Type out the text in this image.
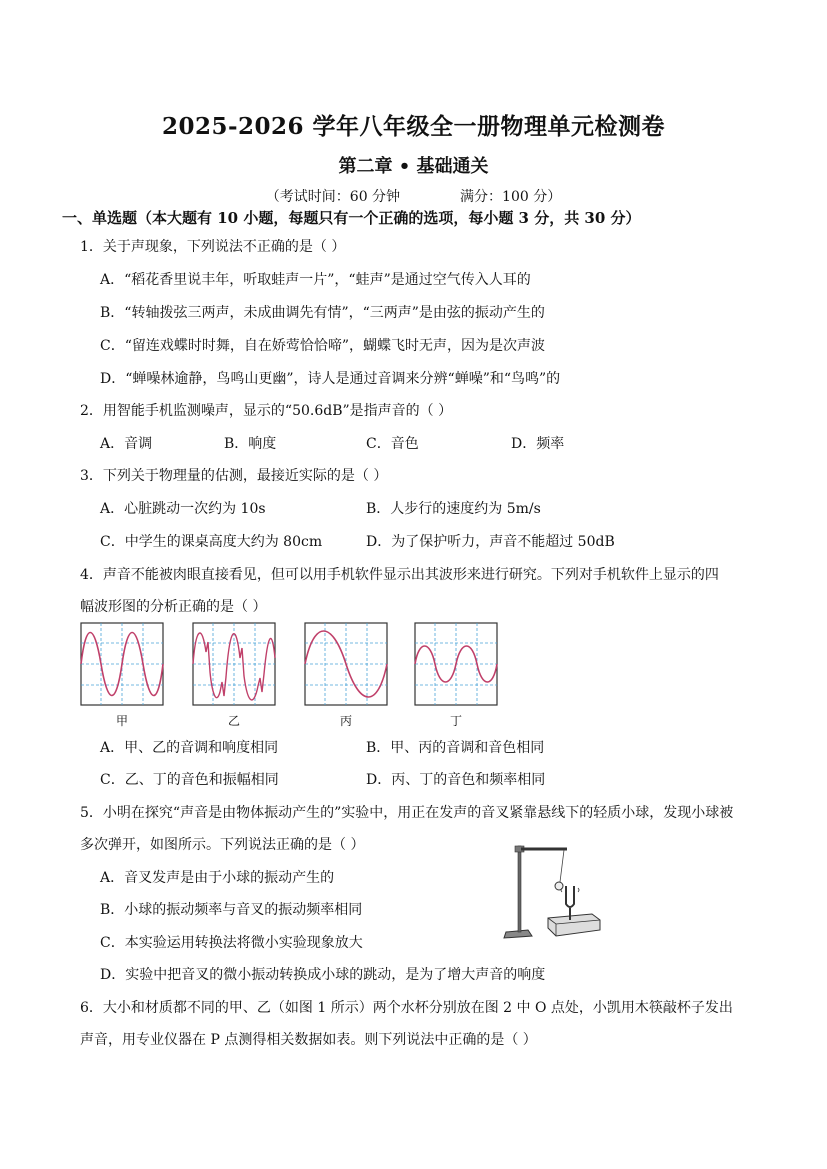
2025-2026 学年八年级全一册物理单元检测卷
第二章 • 基础通关
（考试时间：60 分钟	满分：100 分）
一、单选题（本大题有 10 小题，每题只有一个正确的选项，每小题 3 分，共 30 分）
1．关于声现象，下列说法不正确的是（ ）
A．“稻花香里说丰年，听取蛙声一片”，“蛙声”是通过空气传入人耳的
B．“转轴拨弦三两声，未成曲调先有情”，“三两声”是由弦的振动产生的
C．“留连戏蝶时时舞，自在娇莺恰恰啼”，蝴蝶飞时无声，因为是次声波
D．“蝉噪林逾静，鸟鸣山更幽”，诗人是通过音调来分辨“蝉噪”和“鸟鸣”的
2．用智能手机监测噪声，显示的“50.6dB”是指声音的（ ）
A．音调	B．响度	C．音色	D．频率
3．下列关于物理量的估测，最接近实际的是（ ）
A．心脏跳动一次约为 10s	B．人步行的速度约为 5m/s
C．中学生的课桌高度大约为 80cm	D．为了保护听力，声音不能超过 50dB
4．声音不能被肉眼直接看见，但可以用手机软件显示出其波形来进行研究。下列对手机软件上显示的四
幅波形图的分析正确的是（ ）
甲	乙	丙	丁
A．甲、乙的音调和响度相同	B．甲、丙的音调和音色相同
C．乙、丁的音色和振幅相同	D．丙、丁的音色和频率相同
5．小明在探究“声音是由物体振动产生的”实验中，用正在发声的音叉紧靠悬线下的轻质小球，发现小球被
多次弹开，如图所示。下列说法正确的是（ ）
A．音叉发声是由于小球的振动产生的
B．小球的振动频率与音叉的振动频率相同
C．本实验运用转换法将微小实验现象放大
D．实验中把音叉的微小振动转换成小球的跳动，是为了增大声音的响度
6．大小和材质都不同的甲、乙（如图 1 所示）两个水杯分别放在图 2 中 O 点处，小凯用木筷敲杯子发出
声音，用专业仪器在 P 点测得相关数据如表。则下列说法中正确的是（ ）
